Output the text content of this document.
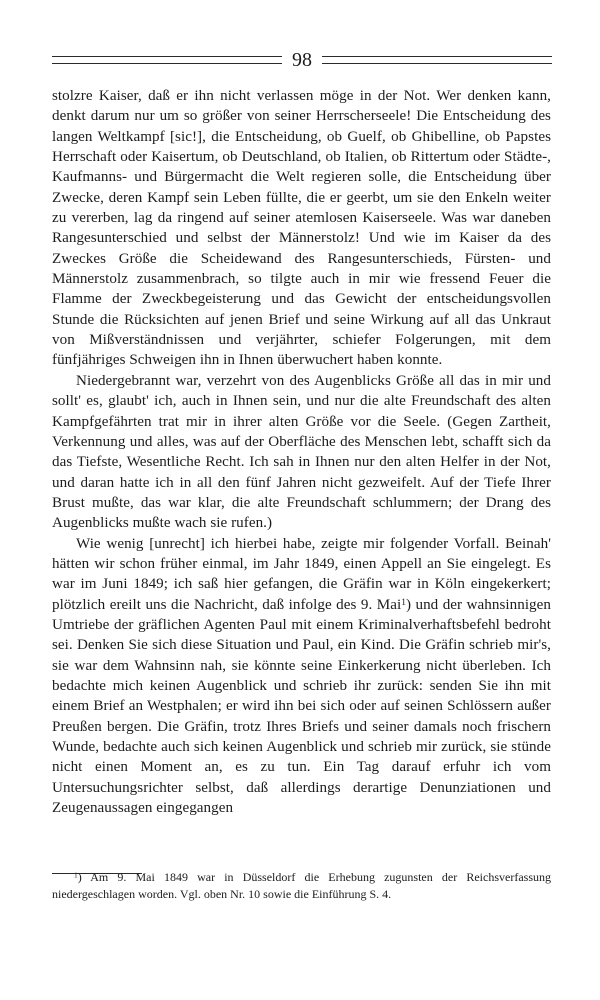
98

stolzre Kaiser, daß er ihn nicht verlassen möge in der Not. Wer denken kann, denkt darum nur um so größer von seiner Herrscherseele! Die Entscheidung des langen Weltkampf [sic!], die Entscheidung, ob Guelf, ob Ghibelline, ob Papstes Herrschaft oder Kaisertum, ob Deutschland, ob Italien, ob Rittertum oder Städte-, Kaufmanns- und Bürgermacht die Welt regieren solle, die Entscheidung über Zwecke, deren Kampf sein Leben füllte, die er geerbt, um sie den Enkeln weiter zu vererben, lag da ringend auf seiner atemlosen Kaiserseele. Was war daneben Rangesunterschied und selbst der Männerstolz! Und wie im Kaiser da des Zweckes Größe die Scheidewand des Rangesunterschieds, Fürsten- und Männerstolz zusammenbrach, so tilgte auch in mir wie fressend Feuer die Flamme der Zweckbegeisterung und das Gewicht der entscheidungsvollen Stunde die Rücksichten auf jenen Brief und seine Wirkung auf all das Unkraut von Mißverständnissen und verjährter, schiefer Folgerungen, mit dem fünfjähriges Schweigen ihn in Ihnen überwuchert haben konnte.

Niedergebrannt war, verzehrt von des Augenblicks Größe all das in mir und sollt' es, glaubt' ich, auch in Ihnen sein, und nur die alte Freundschaft des alten Kampfgefährten trat mir in ihrer alten Größe vor die Seele. (Gegen Zartheit, Verkennung und alles, was auf der Oberfläche des Menschen lebt, schafft sich da das Tiefste, Wesentliche Recht. Ich sah in Ihnen nur den alten Helfer in der Not, und daran hatte ich in all den fünf Jahren nicht gezweifelt. Auf der Tiefe Ihrer Brust mußte, das war klar, die alte Freundschaft schlummern; der Drang des Augenblicks mußte wach sie rufen.)

Wie wenig [unrecht] ich hierbei habe, zeigte mir folgender Vorfall. Beinah' hätten wir schon früher einmal, im Jahr 1849, einen Appell an Sie eingelegt. Es war im Juni 1849; ich saß hier gefangen, die Gräfin war in Köln eingekerkert; plötzlich ereilt uns die Nachricht, daß infolge des 9. Mai$^1$) und der wahnsinnigen Umtriebe der gräflichen Agenten Paul mit einem Kriminalverhaftsbefehl bedroht sei. Denken Sie sich diese Situation und Paul, ein Kind. Die Gräfin schrieb mir's, sie war dem Wahnsinn nah, sie könnte seine Einkerkerung nicht überleben. Ich bedachte mich keinen Augenblick und schrieb ihr zurück: senden Sie ihn mit einem Brief an Westphalen; er wird ihn bei sich oder auf seinen Schlössern außer Preußen bergen. Die Gräfin, trotz Ihres Briefs und seiner damals noch frischern Wunde, bedachte auch sich keinen Augenblick und schrieb mir zurück, sie stünde nicht einen Moment an, es zu tun. Ein Tag darauf erfuhr ich vom Untersuchungsrichter selbst, daß allerdings derartige Denunziationen und Zeugenaussagen eingegangen

$^1$) Am 9. Mai 1849 war in Düsseldorf die Erhebung zugunsten der Reichsverfassung niedergeschlagen worden. Vgl. oben Nr. 10 sowie die Einführung S. 4.
